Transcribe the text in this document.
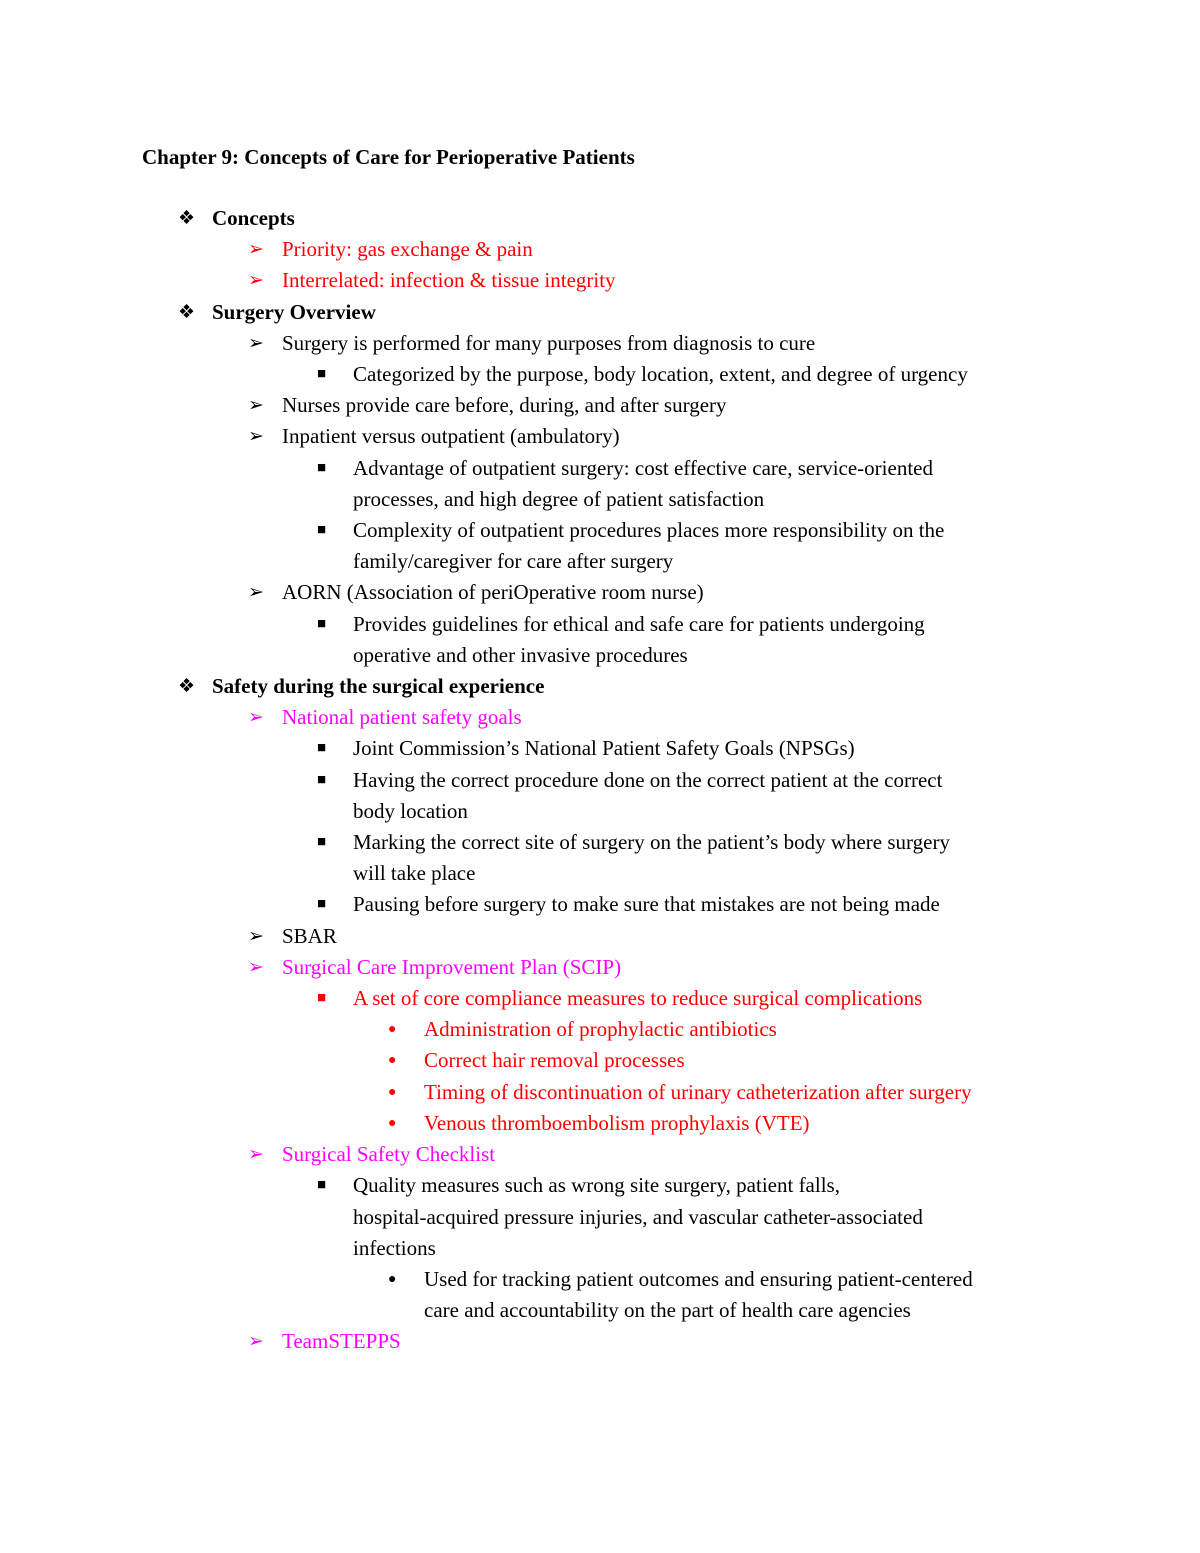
Chapter 9: Concepts of Care for Perioperative Patients
❖ Concepts

➢ Priority: gas exchange & pain

➢ Interrelated: infection & tissue integrity

❖ Surgery Overview

➢ Surgery is performed for many purposes from diagnosis to cure

■ Categorized by the purpose, body location, extent, and degree of urgency

➢ Nurses provide care before, during, and after surgery

➢ Inpatient versus outpatient (ambulatory)

■ Advantage of outpatient surgery: cost effective care, service-oriented

processes, and high degree of patient satisfaction

■ Complexity of outpatient procedures places more responsibility on the

family/caregiver for care after surgery

➢ AORN (Association of periOperative room nurse)

■ Provides guidelines for ethical and safe care for patients undergoing

operative and other invasive procedures

❖ Safety during the surgical experience

➢ National patient safety goals

■ Joint Commission’s National Patient Safety Goals (NPSGs)

■ Having the correct procedure done on the correct patient at the correct

body location

■ Marking the correct site of surgery on the patient’s body where surgery

will take place

■ Pausing before surgery to make sure that mistakes are not being made

➢ SBAR

➢ Surgical Care Improvement Plan (SCIP)

■ A set of core compliance measures to reduce surgical complications

● Administration of prophylactic antibiotics

● Correct hair removal processes

● Timing of discontinuation of urinary catheterization after surgery

● Venous thromboembolism prophylaxis (VTE)

➢ Surgical Safety Checklist

■ Quality measures such as wrong site surgery, patient falls,

hospital-acquired pressure injuries, and vascular catheter-associated

infections

● Used for tracking patient outcomes and ensuring patient-centered

care and accountability on the part of health care agencies

➢ TeamSTEPPS
